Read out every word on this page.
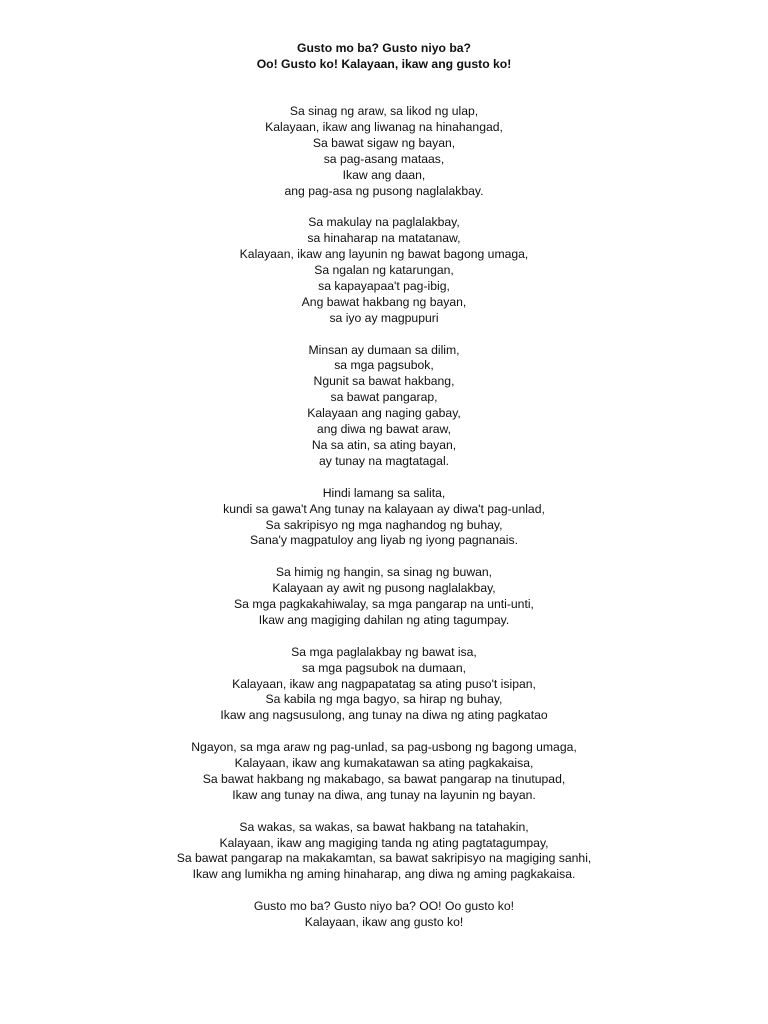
Gusto mo ba? Gusto niyo ba?
Oo! Gusto ko! Kalayaan, ikaw ang gusto ko!
Sa sinag ng araw, sa likod ng ulap,
Kalayaan, ikaw ang liwanag na hinahangad,
Sa bawat sigaw ng bayan,
sa pag-asang mataas,
Ikaw ang daan,
ang pag-asa ng pusong naglalakbay.
Sa makulay na paglalakbay,
sa hinaharap na matatanaw,
Kalayaan, ikaw ang layunin ng bawat bagong umaga,
Sa ngalan ng katarungan,
sa kapayapaa't pag-ibig,
Ang bawat hakbang ng bayan,
sa iyo ay magpupuri
Minsan ay dumaan sa dilim,
sa mga pagsubok,
Ngunit sa bawat hakbang,
sa bawat pangarap,
Kalayaan ang naging gabay,
ang diwa ng bawat araw,
Na sa atin, sa ating bayan,
ay tunay na magtatagal.
Hindi lamang sa salita,
kundi sa gawa't Ang tunay na kalayaan ay diwa't pag-unlad,
Sa sakripisyo ng mga naghandog ng buhay,
Sana'y magpatuloy ang liyab ng iyong pagnanais.
Sa himig ng hangin, sa sinag ng buwan,
Kalayaan ay awit ng pusong naglalakbay,
Sa mga pagkakahiwalay, sa mga pangarap na unti-unti,
Ikaw ang magiging dahilan ng ating tagumpay.
Sa mga paglalakbay ng bawat isa,
sa mga pagsubok na dumaan,
Kalayaan, ikaw ang nagpapatatag sa ating puso't isipan,
Sa kabila ng mga bagyo, sa hirap ng buhay,
Ikaw ang nagsusulong, ang tunay na diwa ng ating pagkatao
Ngayon, sa mga araw ng pag-unlad, sa pag-usbong ng bagong umaga,
Kalayaan, ikaw ang kumakatawan sa ating pagkakaisa,
Sa bawat hakbang ng makabago, sa bawat pangarap na tinutupad,
Ikaw ang tunay na diwa, ang tunay na layunin ng bayan.
Sa wakas, sa wakas, sa bawat hakbang na tatahakin,
Kalayaan, ikaw ang magiging tanda ng ating pagtatagumpay,
Sa bawat pangarap na makakamtan, sa bawat sakripisyo na magiging sanhi,
Ikaw ang lumikha ng aming hinaharap, ang diwa ng aming pagkakaisa.
Gusto mo ba? Gusto niyo ba? OO! Oo gusto ko!
Kalayaan, ikaw ang gusto ko!
